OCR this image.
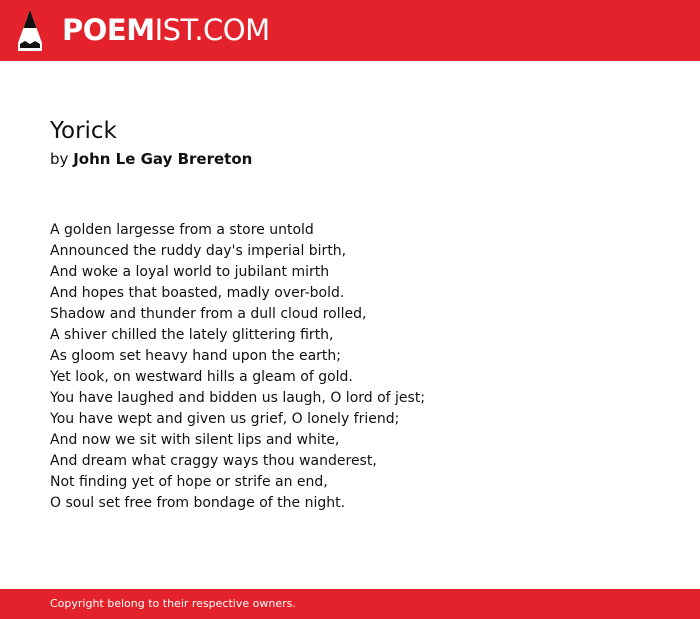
POEMIST.COM
Yorick
by John Le Gay Brereton
A golden largesse from a store untold
Announced the ruddy day's imperial birth,
And woke a loyal world to jubilant mirth
And hopes that boasted, madly over-bold.
Shadow and thunder from a dull cloud rolled,
A shiver chilled the lately glittering firth,
As gloom set heavy hand upon the earth;
Yet look, on westward hills a gleam of gold.
You have laughed and bidden us laugh, O lord of jest;
You have wept and given us grief, O lonely friend;
And now we sit with silent lips and white,
And dream what craggy ways thou wanderest,
Not finding yet of hope or strife an end,
O soul set free from bondage of the night.
Copyright belong to their respective owners.
